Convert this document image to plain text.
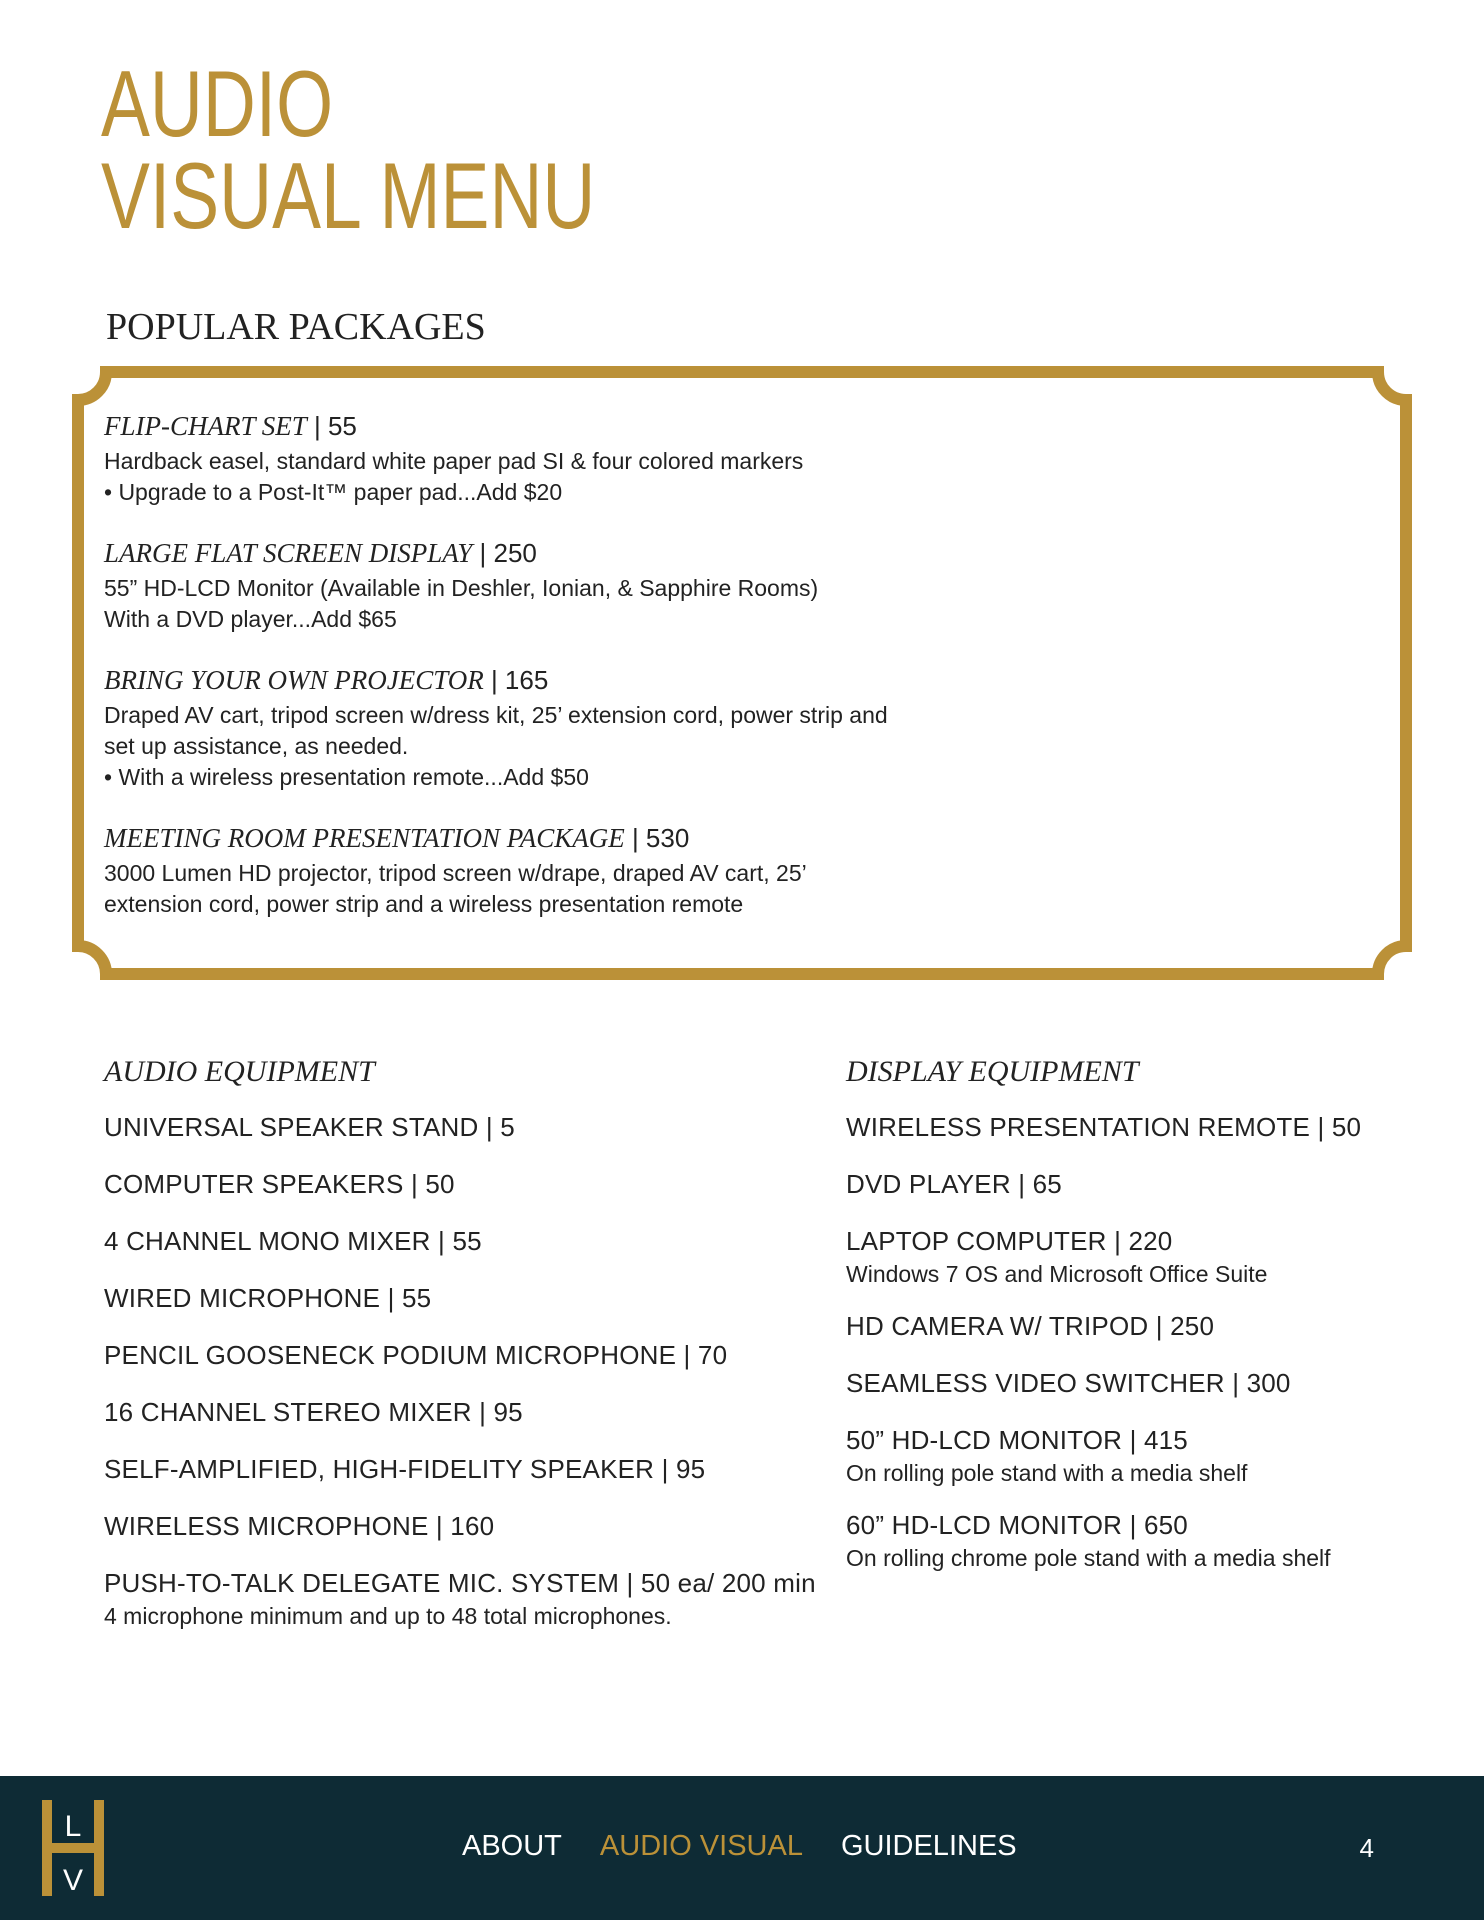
AUDIO
VISUAL MENU
POPULAR PACKAGES
FLIP-CHART SET | 55
Hardback easel, standard white paper pad SI & four colored markers
• Upgrade to a Post-It™ paper pad...Add $20
LARGE FLAT SCREEN DISPLAY | 250
55” HD-LCD Monitor (Available in Deshler, Ionian, & Sapphire Rooms)
With a DVD player...Add $65
BRING YOUR OWN PROJECTOR | 165
Draped AV cart, tripod screen w/dress kit, 25’ extension cord, power strip and
set up assistance, as needed.
• With a wireless presentation remote...Add $50
MEETING ROOM PRESENTATION PACKAGE | 530
3000 Lumen HD projector, tripod screen w/drape, draped AV cart, 25’
extension cord, power strip and a wireless presentation remote
AUDIO EQUIPMENT
UNIVERSAL SPEAKER STAND | 5
COMPUTER SPEAKERS | 50
4 CHANNEL MONO MIXER | 55
WIRED MICROPHONE | 55
PENCIL GOOSENECK PODIUM MICROPHONE | 70
16 CHANNEL STEREO MIXER | 95
SELF-AMPLIFIED, HIGH-FIDELITY SPEAKER | 95
WIRELESS MICROPHONE | 160
PUSH-TO-TALK DELEGATE MIC. SYSTEM | 50 ea/ 200 min
4 microphone minimum and up to 48 total microphones.
DISPLAY EQUIPMENT
WIRELESS PRESENTATION REMOTE | 50
DVD PLAYER | 65
LAPTOP COMPUTER | 220
Windows 7 OS and Microsoft Office Suite
HD CAMERA W/ TRIPOD | 250
SEAMLESS VIDEO SWITCHER | 300
50” HD-LCD MONITOR | 415
On rolling pole stand with a media shelf
60” HD-LCD MONITOR | 650
On rolling chrome pole stand with a media shelf
L
V
ABOUT AUDIO VISUAL GUIDELINES	4
